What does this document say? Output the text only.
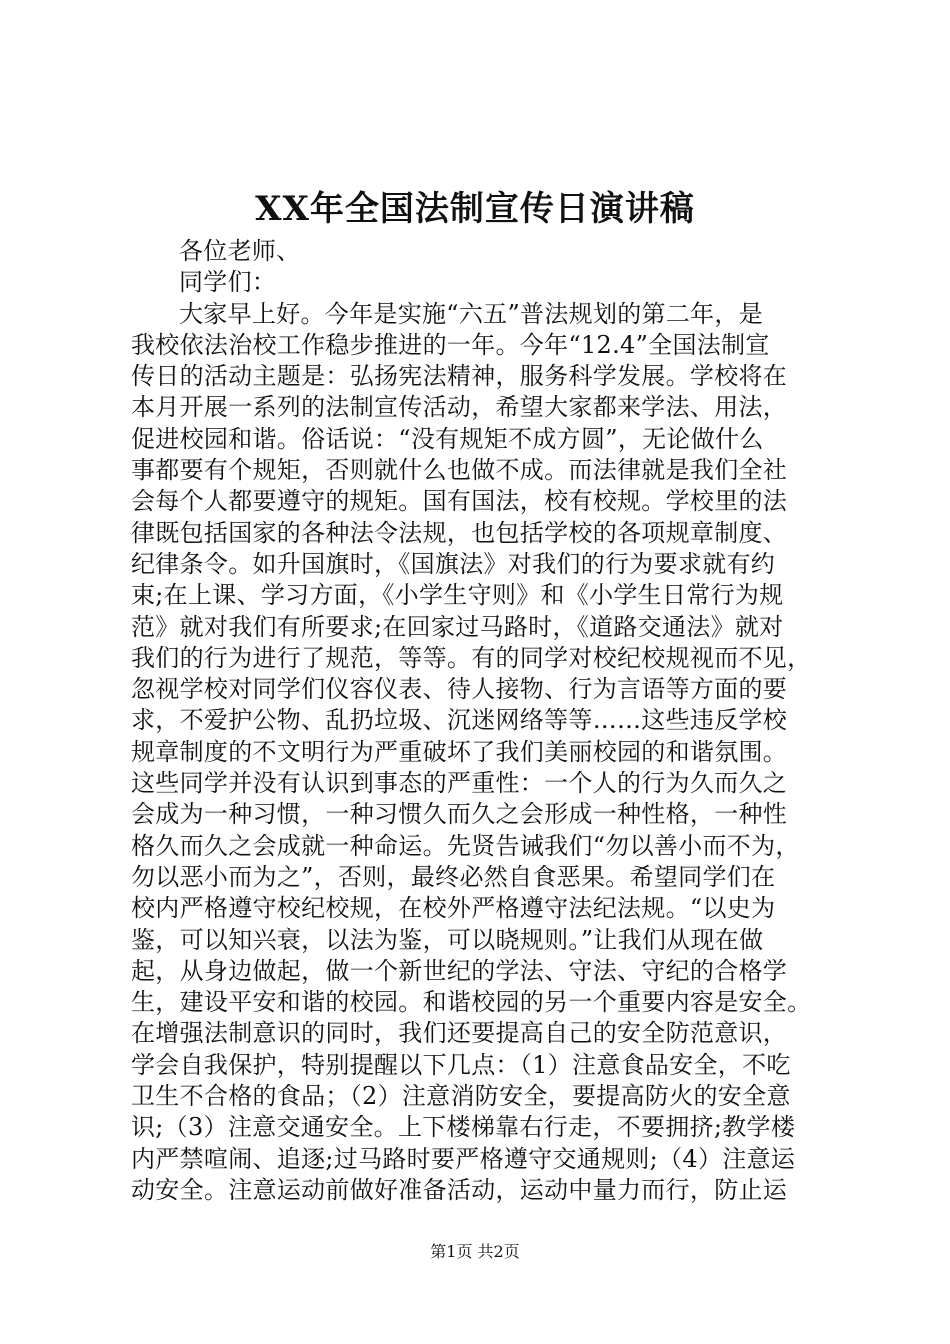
XX年全国法制宣传日演讲稿
各位老师、
同学们：
大家早上好。今年是实施“六五”普法规划的第二年，是
我校依法治校工作稳步推进的一年。今年“12.4”全国法制宣
传日的活动主题是：弘扬宪法精神，服务科学发展。学校将在
本月开展一系列的法制宣传活动，希望大家都来学法、用法，
促进校园和谐。俗话说：“没有规矩不成方圆”，无论做什么
事都要有个规矩，否则就什么也做不成。而法律就是我们全社
会每个人都要遵守的规矩。国有国法，校有校规。学校里的法
律既包括国家的各种法令法规，也包括学校的各项规章制度、
纪律条令。如升国旗时，《国旗法》对我们的行为要求就有约
束;在上课、学习方面，《小学生守则》和《小学生日常行为规
范》就对我们有所要求;在回家过马路时，《道路交通法》就对
我们的行为进行了规范，等等。有的同学对校纪校规视而不见，
忽视学校对同学们仪容仪表、待人接物、行为言语等方面的要
求，不爱护公物、乱扔垃圾、沉迷网络等等……这些违反学校
规章制度的不文明行为严重破坏了我们美丽校园的和谐氛围。
这些同学并没有认识到事态的严重性：一个人的行为久而久之
会成为一种习惯，一种习惯久而久之会形成一种性格，一种性
格久而久之会成就一种命运。先贤告诫我们“勿以善小而不为，
勿以恶小而为之”，否则，最终必然自食恶果。希望同学们在
校内严格遵守校纪校规，在校外严格遵守法纪法规。“以史为
鉴，可以知兴衰，以法为鉴，可以晓规则。”让我们从现在做
起，从身边做起，做一个新世纪的学法、守法、守纪的合格学
生，建设平安和谐的校园。和谐校园的另一个重要内容是安全。
在增强法制意识的同时，我们还要提高自己的安全防范意识，
学会自我保护，特别提醒以下几点：（1）注意食品安全，不吃
卫生不合格的食品；（2）注意消防安全，要提高防火的安全意
识;（3）注意交通安全。上下楼梯靠右行走，不要拥挤;教学楼
内严禁喧闹、追逐;过马路时要严格遵守交通规则;（4）注意运
动安全。注意运动前做好准备活动，运动中量力而行，防止运
第1页 共2页
